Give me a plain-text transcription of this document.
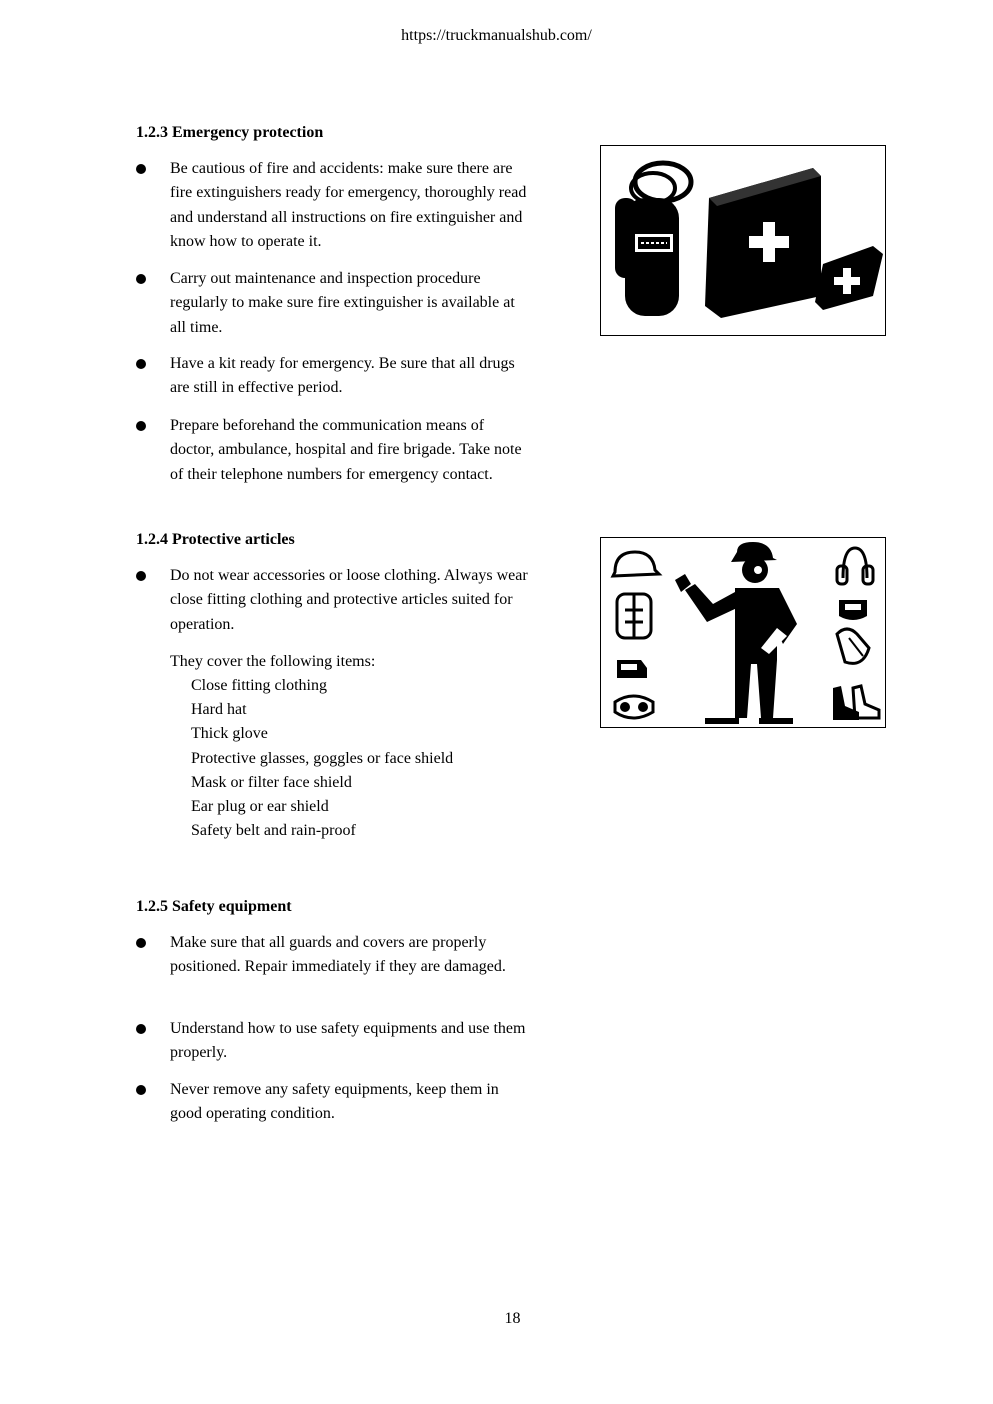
https://truckmanualshub.com/
1.2.3 Emergency protection
Be cautious of fire and accidents: make sure there are fire extinguishers ready for emergency, thoroughly read and understand all instructions on fire extinguisher and know how to operate it.
Carry out maintenance and inspection procedure regularly to make sure fire extinguisher is available at all time.
Have a kit ready for emergency. Be sure that all drugs are still in effective period.
Prepare beforehand the communication means of doctor, ambulance, hospital and fire brigade. Take note of their telephone numbers for emergency contact.
1.2.4 Protective articles
Do not wear accessories or loose clothing. Always wear close fitting clothing and protective articles suited for operation.
They cover the following items:
Close fitting clothing
Hard hat
Thick glove
Protective glasses, goggles or face shield
Mask or filter face shield
Ear plug or ear shield
Safety belt and rain-proof
1.2.5 Safety equipment
Make sure that all guards and covers are properly positioned. Repair immediately if they are damaged.
Understand how to use safety equipments and use them properly.
Never remove any safety equipments, keep them in good operating condition.
18
